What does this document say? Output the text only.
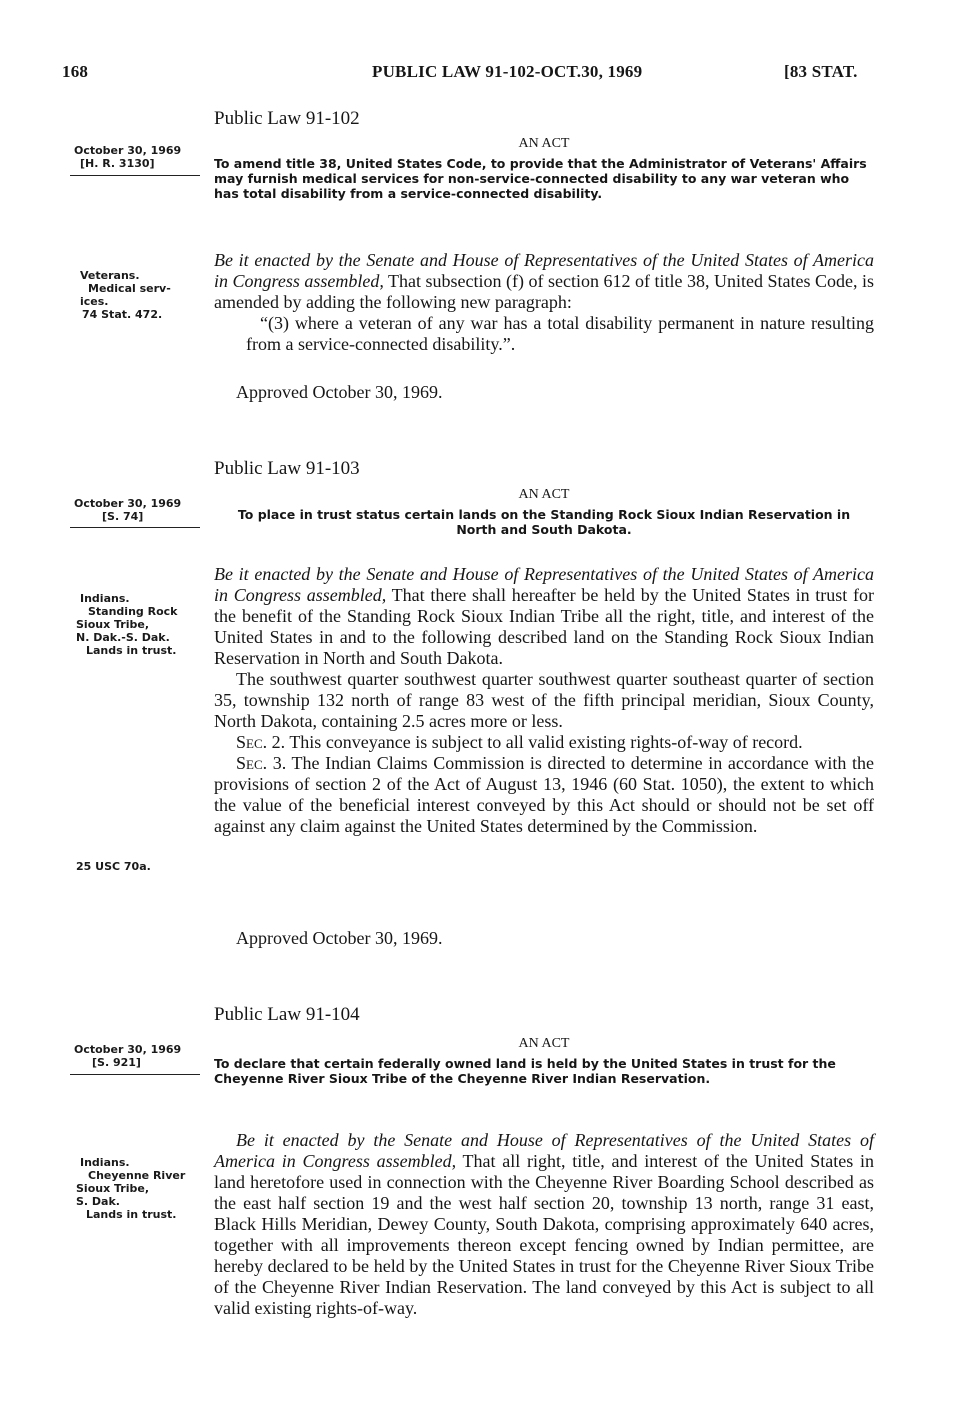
168	PUBLIC LAW 91-102-OCT.30, 1969	[83 STAT.
Public Law 91-102
AN ACT
October 30, 1969
[H. R. 3130]	To amend title 38, United States Code, to provide that the Administrator of Veterans' Affairs may furnish medical services for non-service-connected disability to any war veteran who has total disability from a service-connected disability.
Veterans.
Medical serv-
ices.
74 Stat. 472.

Be it enacted by the Senate and House of Representatives of the United States of America in Congress assembled, That subsection (f) of section 612 of title 38, United States Code, is amended by adding the following new paragraph:

“(3) where a veteran of any war has a total disability permanent in nature resulting from a service-connected disability.”.

Approved October 30, 1969.
Public Law 91-103
AN ACT
October 30, 1969
[S. 74]	To place in trust status certain lands on the Standing Rock Sioux Indian Reservation in North and South Dakota.
Indians.
Standing Rock
Sioux Tribe,
N. Dak.-S. Dak.
Lands in trust.

Be it enacted by the Senate and House of Representatives of the United States of America in Congress assembled, That there shall hereafter be held by the United States in trust for the benefit of the Standing Rock Sioux Indian Tribe all the right, title, and interest of the United States in and to the following described land on the Standing Rock Sioux Indian Reservation in North and South Dakota.

The southwest quarter southwest quarter southwest quarter southeast quarter of section 35, township 132 north of range 83 west of the fifth principal meridian, Sioux County, North Dakota, containing 2.5 acres more or less.

Sec. 2. This conveyance is subject to all valid existing rights-of-way of record.

Sec. 3. The Indian Claims Commission is directed to determine in accordance with the provisions of section 2 of the Act of August 13, 1946 (60 Stat. 1050), the extent to which the value of the beneficial interest conveyed by this Act should or should not be set off against any claim against the United States determined by the Commission.

25 USC 70a.
Approved October 30, 1969.
Public Law 91-104
AN ACT
October 30, 1969
[S. 921]	To declare that certain federally owned land is held by the United States in trust for the Cheyenne River Sioux Tribe of the Cheyenne River Indian Reservation.
Indians.
Cheyenne River
Sioux Tribe,
S. Dak.
Lands in trust.

Be it enacted by the Senate and House of Representatives of the United States of America in Congress assembled, That all right, title, and interest of the United States in land heretofore used in connection with the Cheyenne River Boarding School described as the east half section 19 and the west half section 20, township 13 north, range 31 east, Black Hills Meridian, Dewey County, South Dakota, comprising approximately 640 acres, together with all improvements thereon except fencing owned by Indian permittee, are hereby declared to be held by the United States in trust for the Cheyenne River Sioux Tribe of the Cheyenne River Indian Reservation. The land conveyed by this Act is subject to all valid existing rights-of-way.
